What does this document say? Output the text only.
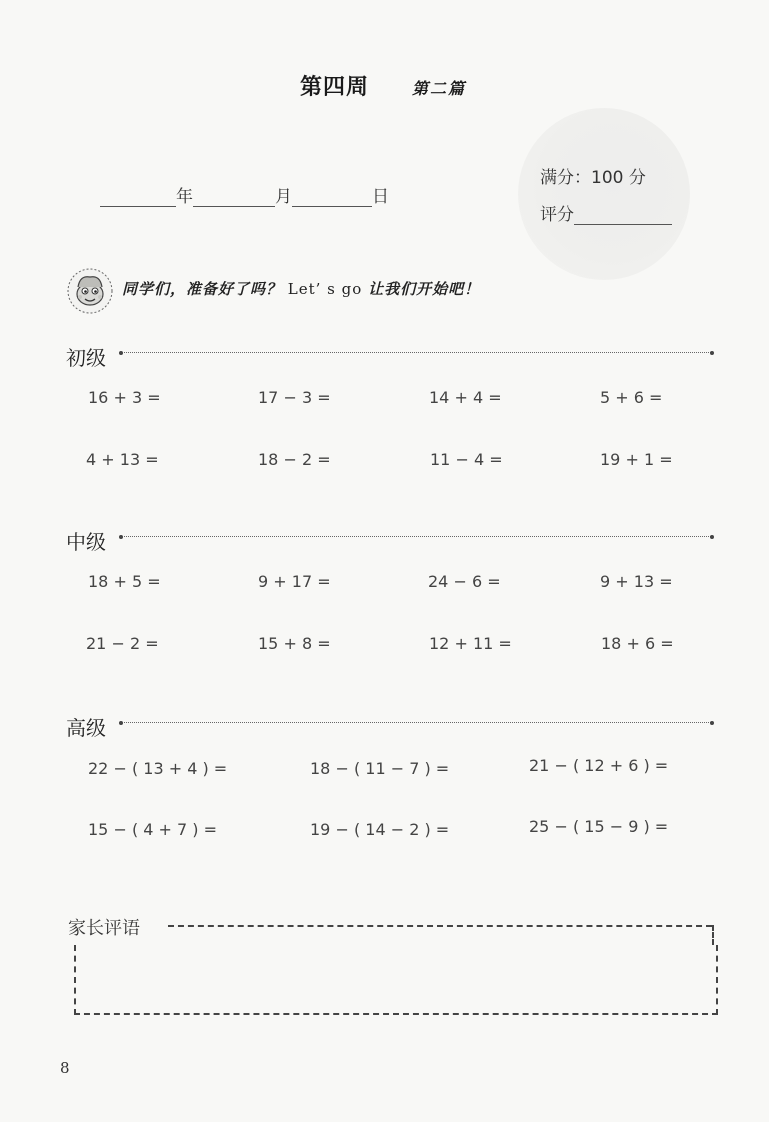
第四周	第二篇
年	月	日
满分：100 分
评分
同学们，准备好了吗？ Let’ s go 让我们开始吧！
初级
16 + 3 =	17 − 3 =	14 + 4 =	5 + 6 =
4 + 13 =	18 − 2 =	11 − 4 =	19 + 1 =
中级
18 + 5 =	9 + 17 =	24 − 6 =	9 + 13 =
21 − 2 =	15 + 8 =	12 + 11 =	18 + 6 =
高级
22 − ( 13 + 4 ) =	18 − ( 11 − 7 ) =	21 − ( 12 + 6 ) =
15 − ( 4 + 7 ) =	19 − ( 14 − 2 ) =	25 − ( 15 − 9 ) =
家长评语
8
